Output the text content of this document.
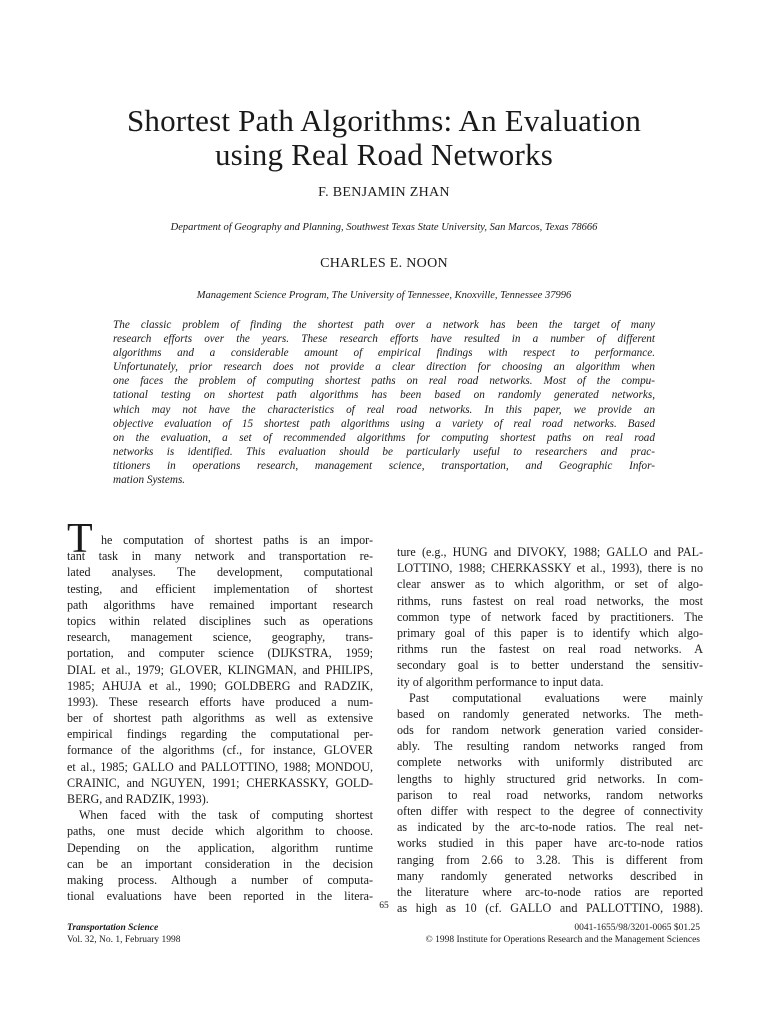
Shortest Path Algorithms: An Evaluation
using Real Road Networks
F. BENJAMIN ZHAN
Department of Geography and Planning, Southwest Texas State University, San Marcos, Texas 78666
CHARLES E. NOON
Management Science Program, The University of Tennessee, Knoxville, Tennessee 37996
The classic problem of finding the shortest path over a network has been the target of many
research efforts over the years. These research efforts have resulted in a number of different
algorithms and a considerable amount of empirical findings with respect to performance.
Unfortunately, prior research does not provide a clear direction for choosing an algorithm when
one faces the problem of computing shortest paths on real road networks. Most of the compu-
tational testing on shortest path algorithms has been based on randomly generated networks,
which may not have the characteristics of real road networks. In this paper, we provide an
objective evaluation of 15 shortest path algorithms using a variety of real road networks. Based
on the evaluation, a set of recommended algorithms for computing shortest paths on real road
networks is identified. This evaluation should be particularly useful to researchers and prac-
titioners in operations research, management science, transportation, and Geographic Infor-
mation Systems.
T he computation of shortest paths is an impor-
tant task in many network and transportation re-
lated analyses. The development, computational
testing, and efficient implementation of shortest
path algorithms have remained important research
topics within related disciplines such as operations
research, management science, geography, trans-
portation, and computer science (DIJKSTRA, 1959;
DIAL et al., 1979; GLOVER, KLINGMAN, and PHILIPS,
1985; AHUJA et al., 1990; GOLDBERG and RADZIK,
1993). These research efforts have produced a num-
ber of shortest path algorithms as well as extensive
empirical findings regarding the computational per-
formance of the algorithms (cf., for instance, GLOVER
et al., 1985; GALLO and PALLOTTINO, 1988; MONDOU,
CRAINIC, and NGUYEN, 1991; CHERKASSKY, GOLD-
BERG, and RADZIK, 1993).
When faced with the task of computing shortest
paths, one must decide which algorithm to choose.
Depending on the application, algorithm runtime
can be an important consideration in the decision
making process. Although a number of computa-
tional evaluations have been reported in the litera-
ture (e.g., HUNG and DIVOKY, 1988; GALLO and PAL-
LOTTINO, 1988; CHERKASSKY et al., 1993), there is no
clear answer as to which algorithm, or set of algo-
rithms, runs fastest on real road networks, the most
common type of network faced by practitioners. The
primary goal of this paper is to identify which algo-
rithms run the fastest on real road networks. A
secondary goal is to better understand the sensitiv-
ity of algorithm performance to input data.
Past computational evaluations were mainly
based on randomly generated networks. The meth-
ods for random network generation varied consider-
ably. The resulting random networks ranged from
complete networks with uniformly distributed arc
lengths to highly structured grid networks. In com-
parison to real road networks, random networks
often differ with respect to the degree of connectivity
as indicated by the arc-to-node ratios. The real net-
works studied in this paper have arc-to-node ratios
ranging from 2.66 to 3.28. This is different from
many randomly generated networks described in
the literature where arc-to-node ratios are reported
as high as 10 (cf. GALLO and PALLOTTINO, 1988).
65
Transportation Science
Vol. 32, No. 1, February 1998
0041-1655/98/3201-0065 $01.25
© 1998 Institute for Operations Research and the Management Sciences
